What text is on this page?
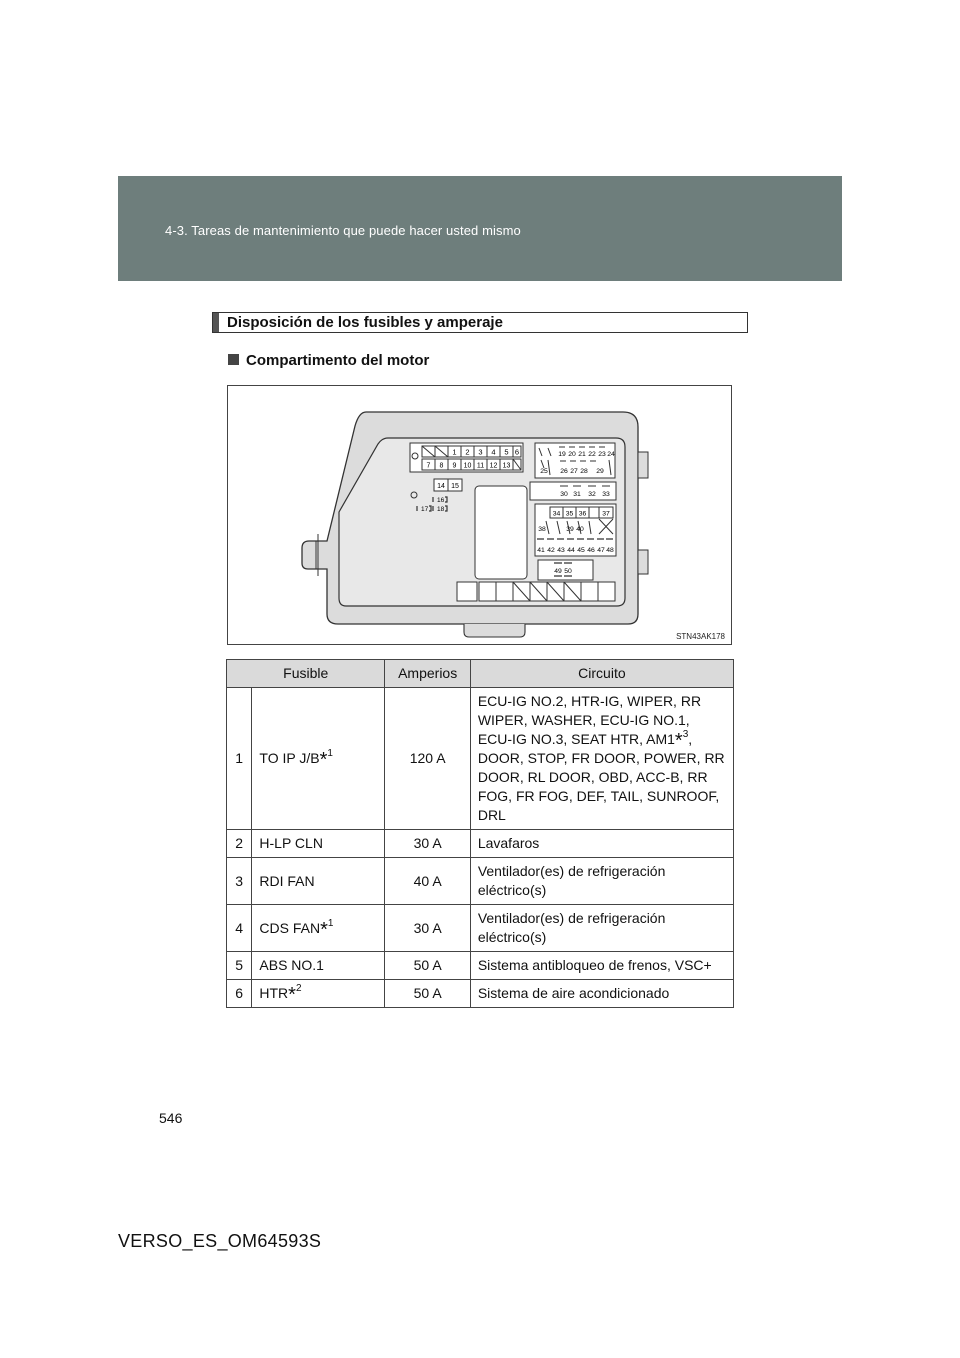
4-3. Tareas de mantenimiento que puede hacer usted mismo
Disposición de los fusibles y amperaje
Compartimento del motor
1 2 3 4 5 6
7 8 9 10 11 12 13
14 15
16
17 18
19 20 21 22 23 24
25 26 27 28 29
30 31 32 33
34 35 36 37
38	39 40
41 42 43 44 45 46 47 48
49 50
STN43AK178
Fusible		Amperios	Circuito
1	TO IP J/B*$^1$	120 A	ECU-IG NO.2, HTR-IG, WIPER, RR WIPER, WASHER, ECU-IG NO.1, ECU-IG NO.3, SEAT HTR, AM1*$^3$, DOOR, STOP, FR DOOR, POWER, RR DOOR, RL DOOR, OBD, ACC-B, RR FOG, FR FOG, DEF, TAIL, SUNROOF, DRL
2	H-LP CLN	30 A	Lavafaros
3	RDI FAN	40 A	Ventilador(es) de refrigeración eléctrico(s)
4	CDS FAN*$^1$	30 A	Ventilador(es) de refrigeración eléctrico(s)
5	ABS NO.1	50 A	Sistema antibloqueo de frenos, VSC+
6	HTR*$^2$	50 A	Sistema de aire acondicionado
546
VERSO_ES_OM64593S
